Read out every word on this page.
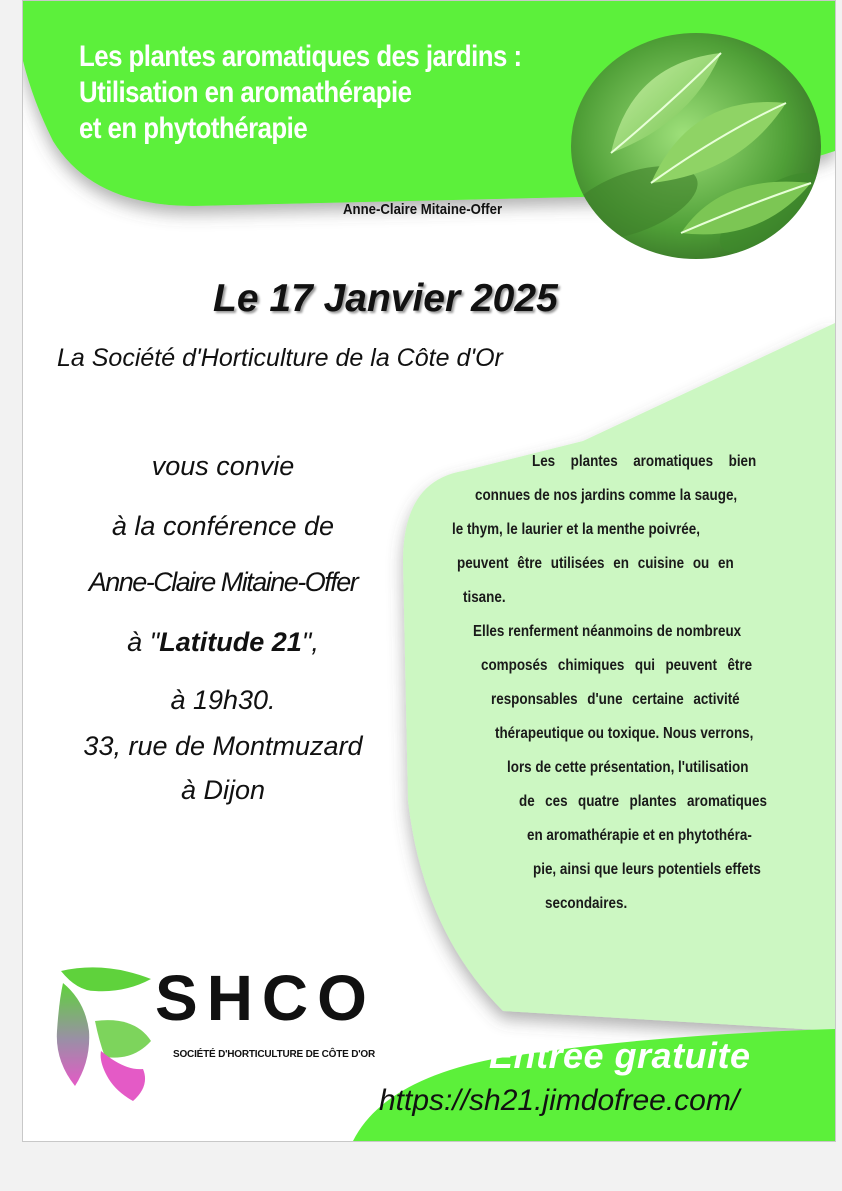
Les plantes aromatiques des jardins :
Utilisation en aromathérapie
et en phytothérapie
Anne-Claire Mitaine-Offer
Le 17 Janvier 2025
La Société d'Horticulture de la Côte d'Or
vous convie
à la conférence de
Anne-Claire Mitaine-Offer
à "Latitude 21",
à 19h30.
33, rue de Montmuzard
à Dijon

Les plantes aromatiques bien

connues de nos jardins comme la sauge,

le thym, le laurier et la menthe poivrée,

peuvent être utilisées en cuisine ou en

tisane.

Elles renferment néanmoins de nombreux

composés chimiques qui peuvent être

responsables d'une certaine activité

thérapeutique ou toxique. Nous verrons,

lors de cette présentation, l'utilisation

de ces quatre plantes aromatiques

en aromathérapie et en phytothéra-

pie, ainsi que leurs potentiels effets

secondaires.

SHCO
SOCIÉTÉ D'HORTICULTURE DE CÔTE D'OR	Entrée gratuite
https://sh21.jimdofree.com/
